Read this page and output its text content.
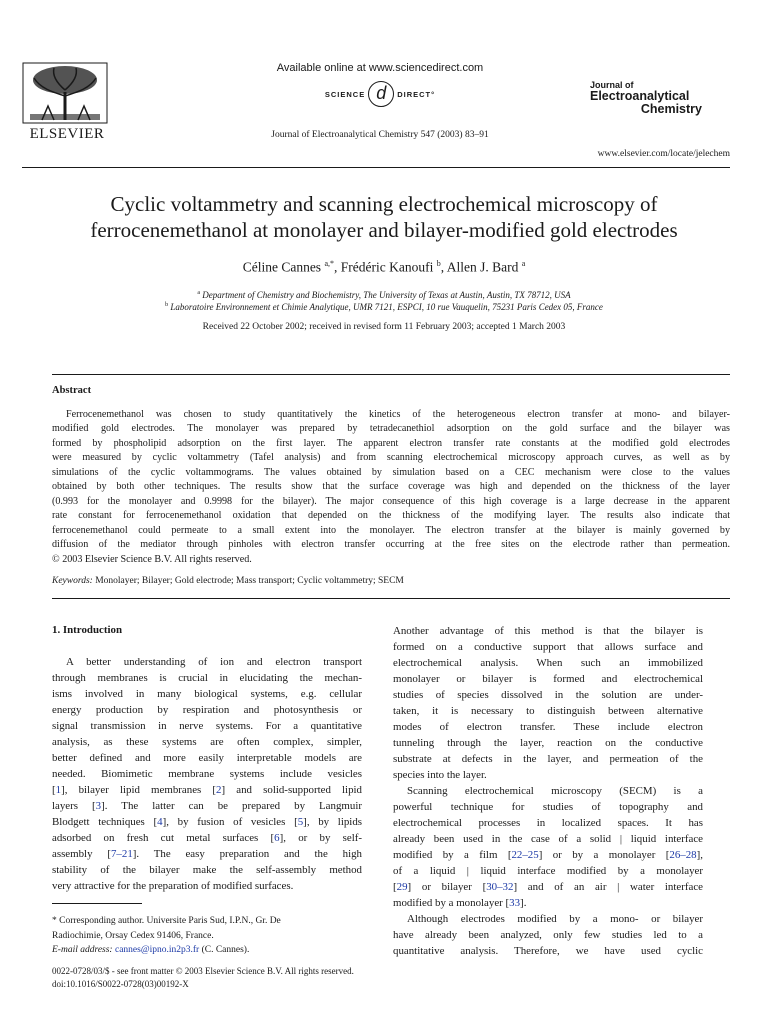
ELSEVIER
Available online at www.sciencedirect.com
SCIENCE d	DIRECT°
Journal of Electroanalytical Chemistry 547 (2003) 83–91
Journal of
Electroanalytical
Chemistry
www.elsevier.com/locate/jelechem
Cyclic voltammetry and scanning electrochemical microscopy of
ferrocenemethanol at monolayer and bilayer-modified gold electrodes
Céline Cannes $^{a,*}$, Frédéric Kanoufi $^b$, Allen J. Bard $^a$
$^a$ Department of Chemistry and Biochemistry, The University of Texas at Austin, Austin, TX 78712, USA
$^b$ Laboratoire Environnement et Chimie Analytique, UMR 7121, ESPCI, 10 rue Vauquelin, 75231 Paris Cedex 05, France
Received 22 October 2002; received in revised form 11 February 2003; accepted 1 March 2003
Abstract
Ferrocenemethanol was chosen to study quantitatively the kinetics of the heterogeneous electron transfer at mono- and bilayer-
modified gold electrodes. The monolayer was prepared by tetradecanethiol adsorption on the gold surface and the bilayer was
formed by phospholipid adsorption on the first layer. The apparent electron transfer rate constants at the modified gold electrodes
were measured by cyclic voltammetry (Tafel analysis) and from scanning electrochemical microscopy approach curves, as well as by
simulations of the cyclic voltammograms. The values obtained by simulation based on a CEC mechanism were close to the values
obtained by both other techniques. The results show that the surface coverage was high and depended on the thickness of the layer
(0.993 for the monolayer and 0.9998 for the bilayer). The major consequence of this high coverage is a large decrease in the apparent
rate constant for ferrocenemethanol oxidation that depended on the thickness of the modifying layer. The results also indicate that
ferrocenemethanol could permeate to a small extent into the monolayer. The electron transfer at the bilayer is mainly governed by
diffusion of the mediator through pinholes with electron transfer occurring at the free sites on the electrode rather than permeation.
© 2003 Elsevier Science B.V. All rights reserved.
Keywords: Monolayer; Bilayer; Gold electrode; Mass transport; Cyclic voltammetry; SECM
1. Introduction
A better understanding of ion and electron transport
through membranes is crucial in elucidating the mechan-
isms involved in many biological systems, e.g. cellular
energy production by respiration and photosynthesis or
signal transmission in nerve systems. For a quantitative
analysis, as these systems are often complex, simpler,
better defined and more easily interpretable models are
needed. Biomimetic membrane systems include vesicles
[1], bilayer lipid membranes [2] and solid-supported lipid
layers [3]. The latter can be prepared by Langmuir
Blodgett techniques [4], by fusion of vesicles [5], by lipids
adsorbed on fresh cut metal surfaces [6], or by self-
assembly [7–21]. The easy preparation and the high
stability of the bilayer make the self-assembly method
very attractive for the preparation of modified surfaces.
Another advantage of this method is that the bilayer is
formed on a conductive support that allows surface and
electrochemical analysis. When such an immobilized
monolayer or bilayer is formed and electrochemical
studies of species dissolved in the solution are under-
taken, it is necessary to distinguish between alternative
modes of electron transfer. These include electron
tunneling through the layer, reaction on the conductive
substrate at defects in the layer, and permeation of the
species into the layer.
Scanning electrochemical microscopy (SECM) is a
powerful technique for studies of topography and
electrochemical processes in localized spaces. It has
already been used in the case of a solid | liquid interface
modified by a film [22–25] or by a monolayer [26–28],
of a liquid | liquid interface modified by a monolayer
[29] or bilayer [30–32] and of an air | water interface
modified by a monolayer [33].
Although electrodes modified by a mono- or bilayer
have already been analyzed, only few studies led to a
quantitative analysis. Therefore, we have used cyclic
* Corresponding author. Universite Paris Sud, I.P.N., Gr. De
Radiochimie, Orsay Cedex 91406, France.
E-mail address: cannes@ipno.in2p3.fr (C. Cannes).
0022-0728/03/$ - see front matter © 2003 Elsevier Science B.V. All rights reserved.
doi:10.1016/S0022-0728(03)00192-X
